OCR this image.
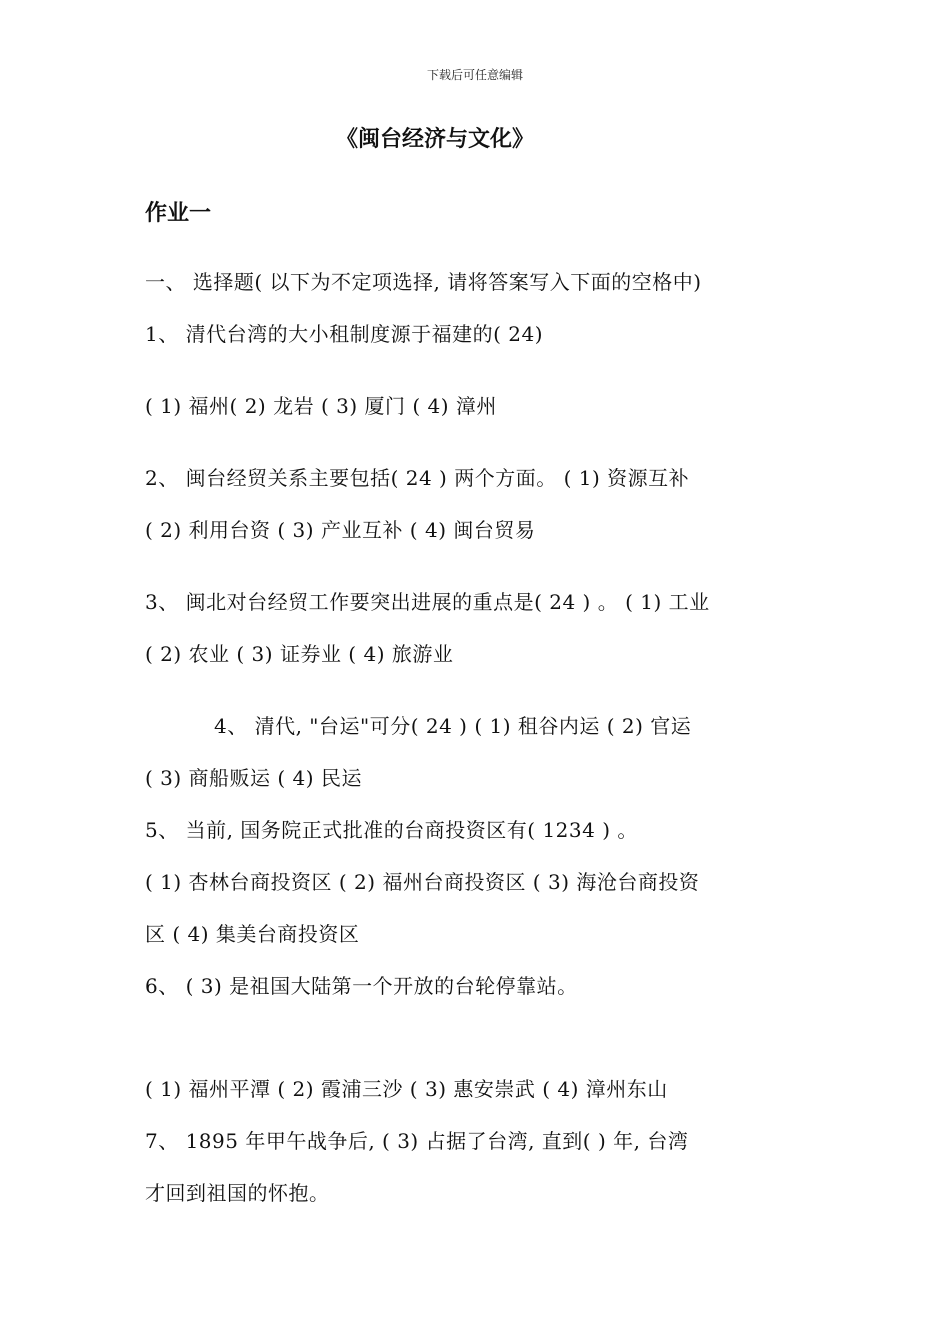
下载后可任意编辑
《闽台经济与文化》
作业一
一、 选择题( 以下为不定项选择, 请将答案写入下面的空格中)
1、 清代台湾的大小租制度源于福建的( 24)
( 1) 福州( 2) 龙岩 ( 3) 厦门 ( 4) 漳州
2、 闽台经贸关系主要包括( 24 ) 两个方面。 ( 1) 资源互补
( 2) 利用台资 ( 3) 产业互补 ( 4) 闽台贸易
3、 闽北对台经贸工作要突出进展的重点是( 24 ) 。 ( 1) 工业
( 2) 农业 ( 3) 证券业 ( 4) 旅游业
4、 清代, "台运"可分( 24 ) ( 1) 租谷内运 ( 2) 官运
( 3) 商船贩运 ( 4) 民运
5、 当前, 国务院正式批准的台商投资区有( 1234 ) 。
( 1) 杏林台商投资区 ( 2) 福州台商投资区 ( 3) 海沧台商投资
区 ( 4) 集美台商投资区
6、 ( 3) 是祖国大陆第一个开放的台轮停靠站。
( 1) 福州平潭 ( 2) 霞浦三沙 ( 3) 惠安崇武 ( 4) 漳州东山
7、 1895 年甲午战争后, ( 3) 占据了台湾, 直到( ) 年, 台湾
才回到祖国的怀抱。
